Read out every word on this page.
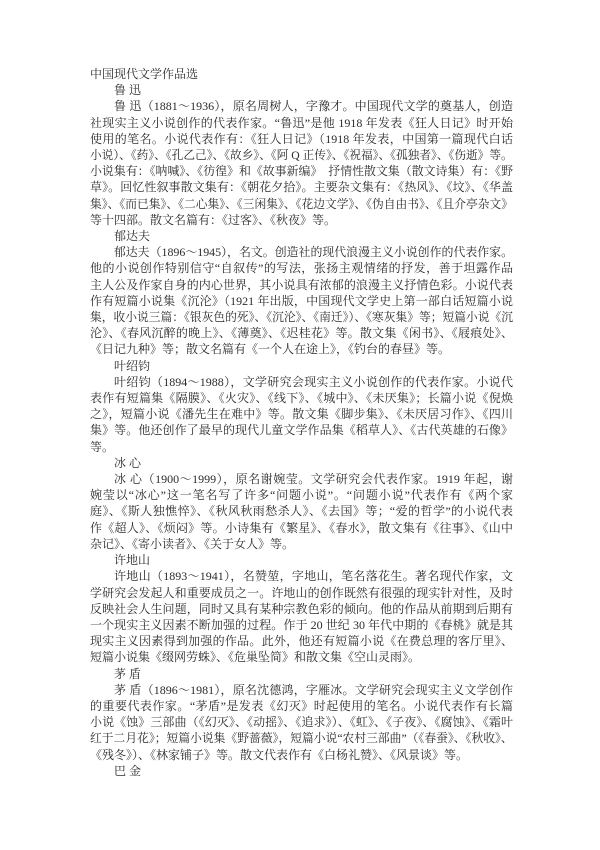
中国现代文学作品选
鲁 迅
鲁 迅（1881～1936），原名周树人，字豫才。中国现代文学的奠基人，创造
社现实主义小说创作的代表作家。“鲁迅”是他 1918 年发表《狂人日记》时开始
使用的笔名。小说代表作有：《狂人日记》（1918 年发表，中国第一篇现代白话
小说）、《药》、《孔乙己》、《故乡》、《阿 Q 正传》、《祝福》、《孤独者》、《伤逝》等。
小说集有：《呐喊》、《彷徨》和《故事新编》　抒情性散文集（散文诗集）有：《野
草》。回忆性叙事散文集有：《朝花夕拾》。主要杂文集有：《热风》、《坟》、《华盖
集》、《而已集》、《二心集》、《三闲集》、《花边文学》、《伪自由书》、《且介亭杂文》
等十四部。散文名篇有：《过客》、《秋夜》等。
郁达夫
郁达夫（1896～1945），名文。创造社的现代浪漫主义小说创作的代表作家。
他的小说创作特别信守“自叙传”的写法，张扬主观情绪的抒发，善于坦露作品
主人公及作家自身的内心世界，其小说具有浓郁的浪漫主义抒情色彩。小说代表
作有短篇小说集《沉沦》（1921 年出版，中国现代文学史上第一部白话短篇小说
集，收小说三篇：《银灰色的死》、《沉沦》、《南迁》）、《寒灰集》等；短篇小说《沉
沦》、《春风沉醉的晚上》、《薄奠》、《迟桂花》等。散文集《闲书》、《屐痕处》、
《日记九种》等；散文名篇有《一个人在途上》，《钓台的春昼》等。
叶绍钧
叶绍钧（1894～1988），文学研究会现实主义小说创作的代表作家。小说代
表作有短篇集《隔膜》、《火灾》、《线下》、《城中》、《未厌集》；长篇小说《倪焕
之》，短篇小说《潘先生在难中》等。散文集《脚步集》、《未厌居习作》、《四川
集》等。他还创作了最早的现代儿童文学作品集《稻草人》、《古代英雄的石像》
等。
冰 心
冰 心（1900～1999），原名谢婉莹。文学研究会代表作家。1919 年起，谢
婉莹以“冰心”这一笔名写了许多“问题小说”。“问题小说”代表作有《两个家
庭》、《斯人独憔悴》、《秋风秋雨愁杀人》、《去国》等；“爱的哲学”的小说代表
作《超人》、《烦闷》等。小诗集有《繁星》、《春水》，散文集有《往事》、《山中
杂记》、《寄小读者》、《关于女人》等。
许地山
许地山（1893～1941），名赞堃，字地山，笔名落花生。著名现代作家，文
学研究会发起人和重要成员之一。许地山的创作既然有很强的现实针对性，及时
反映社会人生问题，同时又具有某种宗教色彩的倾向。他的作品从前期到后期有
一个现实主义因素不断加强的过程。作于 20 世纪 30 年代中期的《春桃》就是其
现实主义因素得到加强的作品。此外，他还有短篇小说《在费总理的客厅里》、
短篇小说集《缀网劳蛛》、《危巢坠简》和散文集《空山灵雨》。
茅 盾
茅 盾（1896～1981），原名沈德鸿，字雁冰。文学研究会现实主义文学创作
的重要代表作家。“茅盾”是发表《幻灭》时起使用的笔名。小说代表作有长篇
小说《蚀》三部曲（《幻灭》、《动摇》、《追求》）、《虹》、《子夜》、《腐蚀》、《霜叶
红于二月花》；短篇小说集《野蔷薇》，短篇小说“农村三部曲”（《春蚕》、《秋收》、
《残冬》）、《林家铺子》等。散文代表作有《白杨礼赞》、《风景谈》等。
巴 金
